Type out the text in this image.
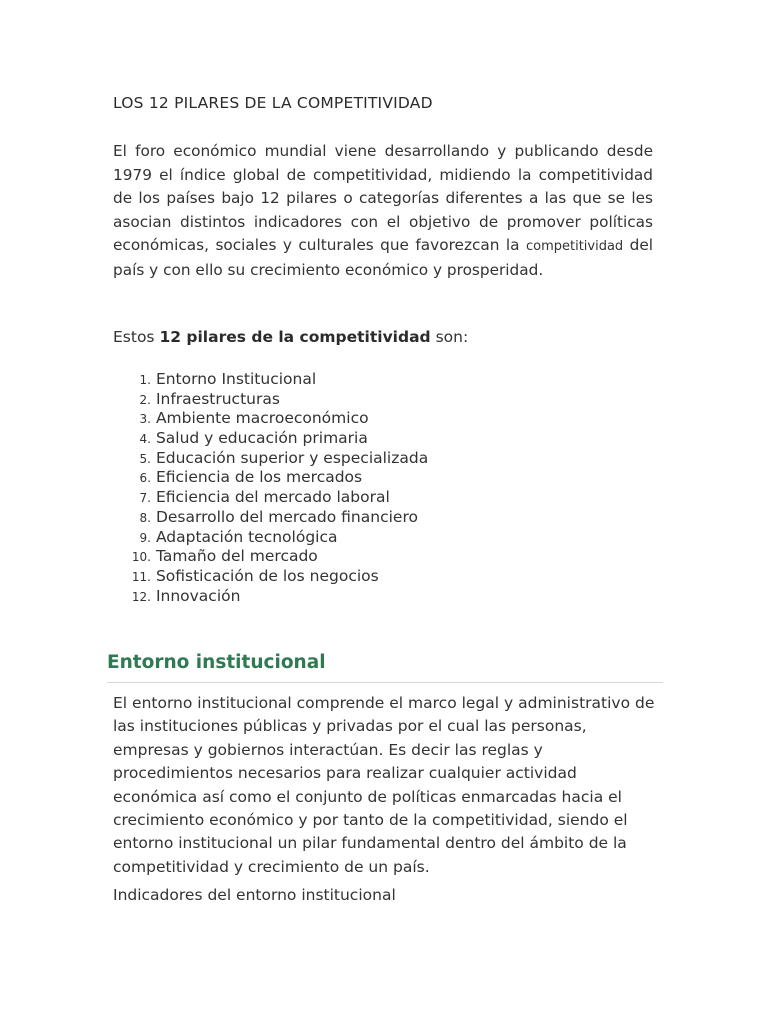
LOS 12 PILARES DE LA COMPETITIVIDAD

El foro económico mundial viene desarrollando y publicando desde 1979 el índice global de competitividad, midiendo la competitividad de los países bajo 12 pilares o categorías diferentes a las que se les asocian distintos indicadores con el objetivo de promover políticas económicas, sociales y culturales que favorezcan la competitividad del país y con ello su crecimiento económico y prosperidad.

Estos 12 pilares de la competitividad son:

1. Entorno Institucional
2. Infraestructuras
3. Ambiente macroeconómico
4. Salud y educación primaria
5. Educación superior y especializada
6. Eficiencia de los mercados
7. Eficiencia del mercado laboral
8. Desarrollo del mercado financiero
9. Adaptación tecnológica
10. Tamaño del mercado
11. Sofisticación de los negocios
12. Innovación
Entorno institucional

El entorno institucional comprende el marco legal y administrativo de las instituciones públicas y privadas por el cual las personas, empresas y gobiernos interactúan. Es decir las reglas y procedimientos necesarios para realizar cualquier actividad económica así como el conjunto de políticas enmarcadas hacia el crecimiento económico y por tanto de la competitividad, siendo el entorno institucional un pilar fundamental dentro del ámbito de la competitividad y crecimiento de un país.

Indicadores del entorno institucional
